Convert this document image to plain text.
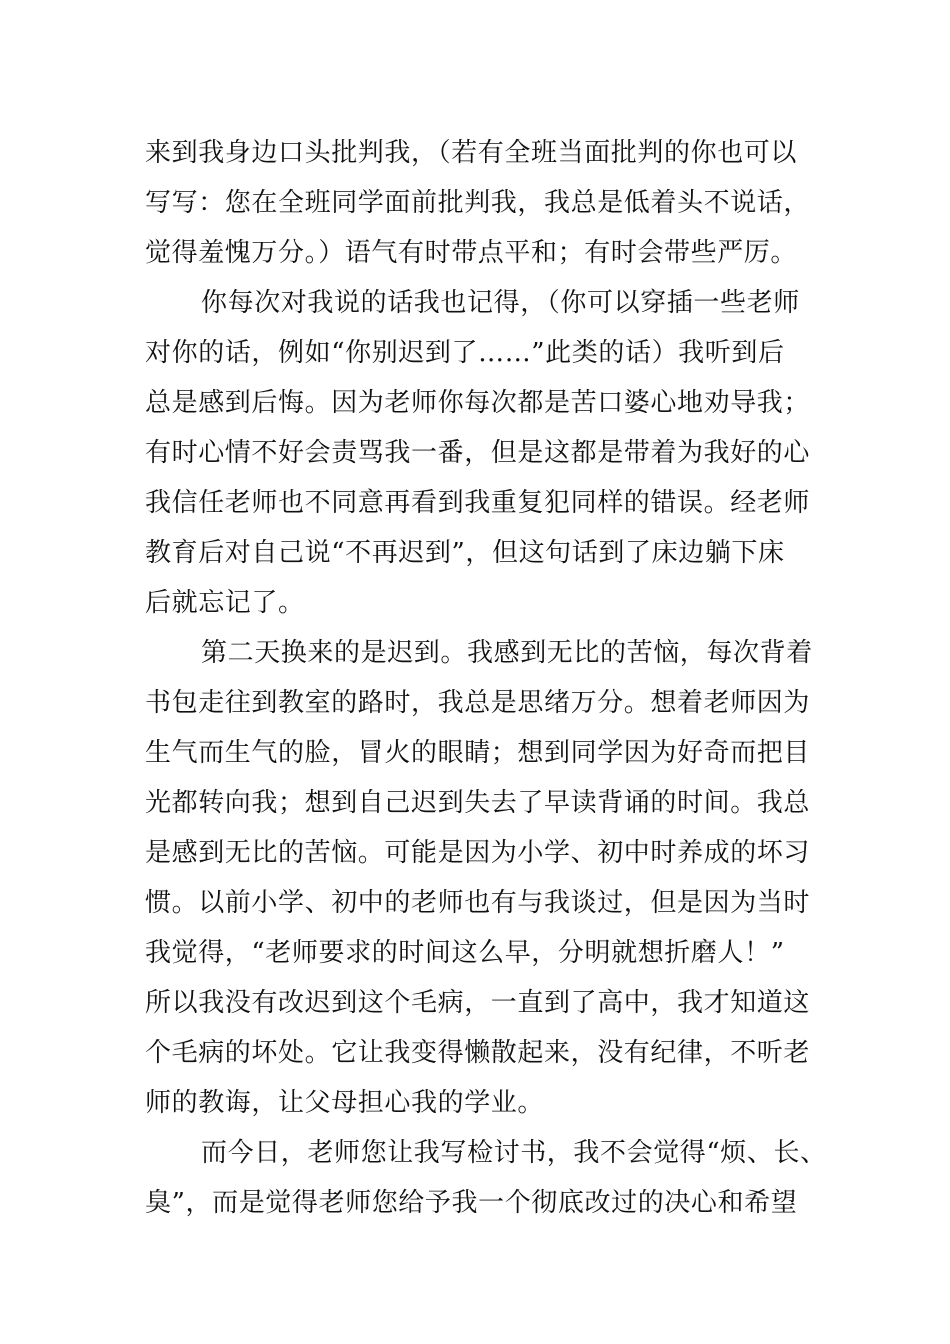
来到我身边口头批判我，（若有全班当面批判的你也可以
写写：您在全班同学面前批判我，我总是低着头不说话，
觉得羞愧万分。）语气有时带点平和；有时会带些严厉。
你每次对我说的话我也记得，（你可以穿插一些老师
对你的话，例如“你别迟到了……”此类的话）我听到后
总是感到后悔。因为老师你每次都是苦口婆心地劝导我；
有时心情不好会责骂我一番，但是这都是带着为我好的心
我信任老师也不同意再看到我重复犯同样的错误。经老师
教育后对自己说“不再迟到”，但这句话到了床边躺下床
后就忘记了。
第二天换来的是迟到。我感到无比的苦恼，每次背着
书包走往到教室的路时，我总是思绪万分。想着老师因为
生气而生气的脸，冒火的眼睛；想到同学因为好奇而把目
光都转向我；想到自己迟到失去了早读背诵的时间。我总
是感到无比的苦恼。可能是因为小学、初中时养成的坏习
惯。以前小学、初中的老师也有与我谈过，但是因为当时
我觉得，“老师要求的时间这么早，分明就想折磨人！”
所以我没有改迟到这个毛病，一直到了高中，我才知道这
个毛病的坏处。它让我变得懒散起来，没有纪律，不听老
师的教诲，让父母担心我的学业。
而今日，老师您让我写检讨书，我不会觉得“烦、长、
臭”，而是觉得老师您给予我一个彻底改过的决心和希望
